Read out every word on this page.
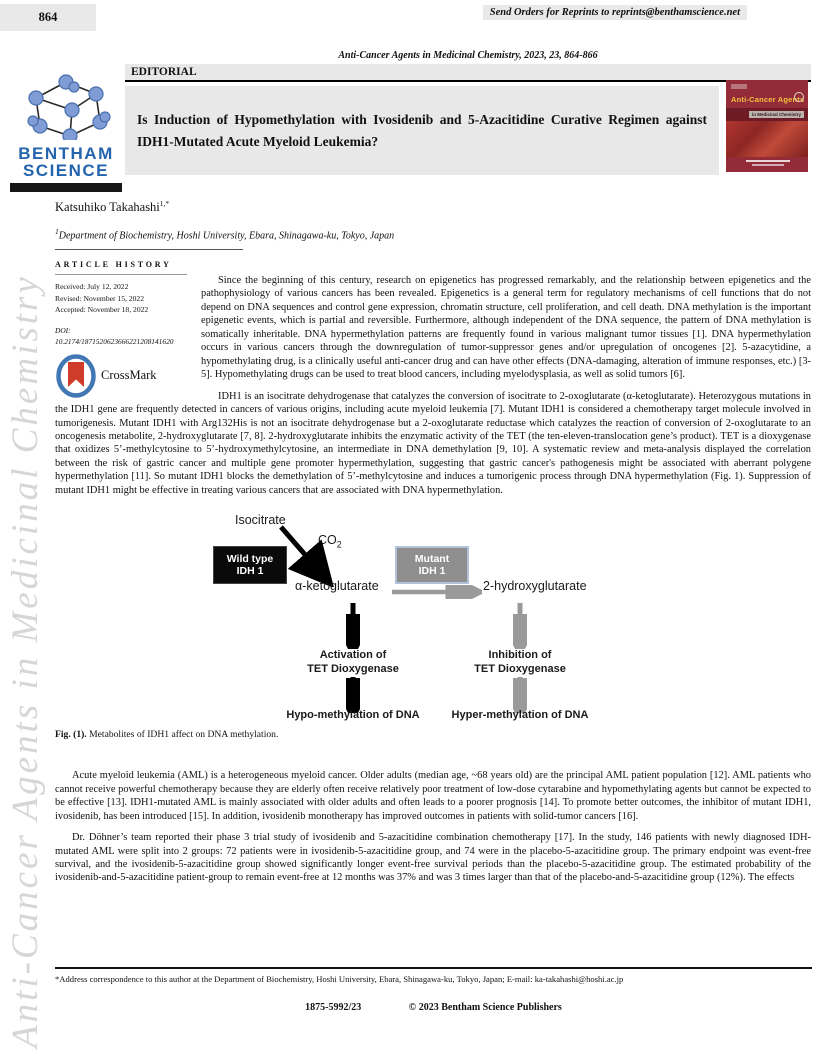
Anti-Cancer Agents in Medicinal Chemistry
864	Send Orders for Reprints to reprints@benthamscience.net
Anti-Cancer Agents in Medicinal Chemistry, 2023, 23, 864-866
EDITORIAL
Is Induction of Hypomethylation with Ivosidenib and 5-Azacitidine Curative Regimen against IDH1-Mutated Acute Myeloid Leukemia?
BENTHAM
SCIENCE
Anti-Cancer Agents
in Medicinal Chemistry
Katsuhiko Takahashi$^{1,*}$
$^1$Department of Biochemistry, Hoshi University, Ebara, Shinagawa-ku, Tokyo, Japan
ARTICLE HISTORY
Received: July 12, 2022
Revised: November 15, 2022
Accepted: November 18, 2022
DOI:
10.2174/1871520623666221208141620
CrossMark

Since the beginning of this century, research on epigenetics has progressed remarkably, and the relationship between epigenetics and the pathophysiology of various cancers has been revealed. Epigenetics is a general term for regulatory mechanisms of cell functions that do not depend on DNA sequences and control gene expression, chromatin structure, cell proliferation, and cell death. DNA methylation is the important epigenetic events, which is partial and reversible. Furthermore, although independent of the DNA sequence, the pattern of DNA methylation is somatically inheritable. DNA hypermethylation patterns are frequently found in various malignant tumor tissues [1]. DNA hypermethylation occurs in various cancers through the downregulation of tumor-suppressor genes and/or upregulation of oncogenes [2]. 5-azacytidine, a hypomethylating drug, is a clinically useful anti-cancer drug and can have other effects (DNA-damaging, alteration of immune responses, etc.) [3-5]. Hypomethylating drugs can be used to treat blood cancers, including myelodysplasia, as well as solid tumors [6].

IDH1 is an isocitrate dehydrogenase that catalyzes the conversion of isocitrate to 2-oxoglutarate (α-ketoglutarate). Heterozygous mutations in the IDH1 gene are frequently detected in cancers of various origins, including acute myeloid leukemia [7]. Mutant IDH1 is considered a chemotherapy target molecule involved in tumorigenesis. Mutant IDH1 with Arg132His is not an isocitrate dehydrogenase but a 2-oxoglutarate reductase which catalyzes the reaction of conversion of 2-oxoglutarate to an oncogenesis metabolite, 2-hydroxyglutarate [7, 8]. 2-hydroxyglutarate inhibits the enzymatic activity of the TET (the ten-eleven-translocation gene’s product). TET is a dioxygenase that oxidizes 5’-methylcytosine to 5’-hydroxymethylcytosine, an intermediate in DNA demethylation [9, 10]. A systematic review and meta-analysis displayed the correlation between the risk of gastric cancer and multiple gene promoter hypermethylation, suggesting that gastric cancer's pathogenesis might be associated with aberrant polygene hypermethylation [11]. So mutant IDH1 blocks the demethylation of 5’-methylcytosine and induces a tumorigenic process through DNA hypermethylation (Fig. 1). Suppression of mutant IDH1 might be effective in treating various cancers that are associated with DNA hypermethylation.

Isocitrate
$CO_2$
Wild type
IDH 1
α-ketoglutarate
Mutant
IDH 1
2-hydroxyglutarate
Activation of
TET Dioxygenase
Hypo-methylation of DNA
Inhibition of
TET Dioxygenase
Hyper-methylation of DNA
Fig. (1). Metabolites of IDH1 affect on DNA methylation.

Acute myeloid leukemia (AML) is a heterogeneous myeloid cancer. Older adults (median age, ~68 years old) are the principal AML patient population [12]. AML patients who cannot receive powerful chemotherapy because they are elderly often receive relatively poor treatment of low-dose cytarabine and hypomethylating agents but cannot be expected to be effective [13]. IDH1-mutated AML is mainly associated with older adults and often leads to a poorer prognosis [14]. To promote better outcomes, the inhibitor of mutant IDH1, ivosidenib, has been introduced [15]. In addition, ivosidenib monotherapy has improved outcomes in patients with solid-tumor cancers [16].

Dr. Döhner’s team reported their phase 3 trial study of ivosidenib and 5-azacitidine combination chemotherapy [17]. In the study, 146 patients with newly diagnosed IDH-mutated AML were split into 2 groups: 72 patients were in ivosidenib-5-azacitidine group, and 74 were in the placebo-5-azacitidine group. The primary endpoint was event-free survival, and the ivosidenib-5-azacitidine group showed significantly longer event-free survival periods than the placebo-5-azacitidine group. The estimated probability of the ivosidenib-and-5-azacitidine patient-group to remain event-free at 12 months was 37% and was 3 times larger than that of the placebo-and-5-azacitidine group (12%). The effects

*Address correspondence to this author at the Department of Biochemistry, Hoshi University, Ebara, Shinagawa-ku, Tokyo, Japan; E-mail: ka-takahashi@hoshi.ac.jp
1875-5992/23	© 2023 Bentham Science Publishers
